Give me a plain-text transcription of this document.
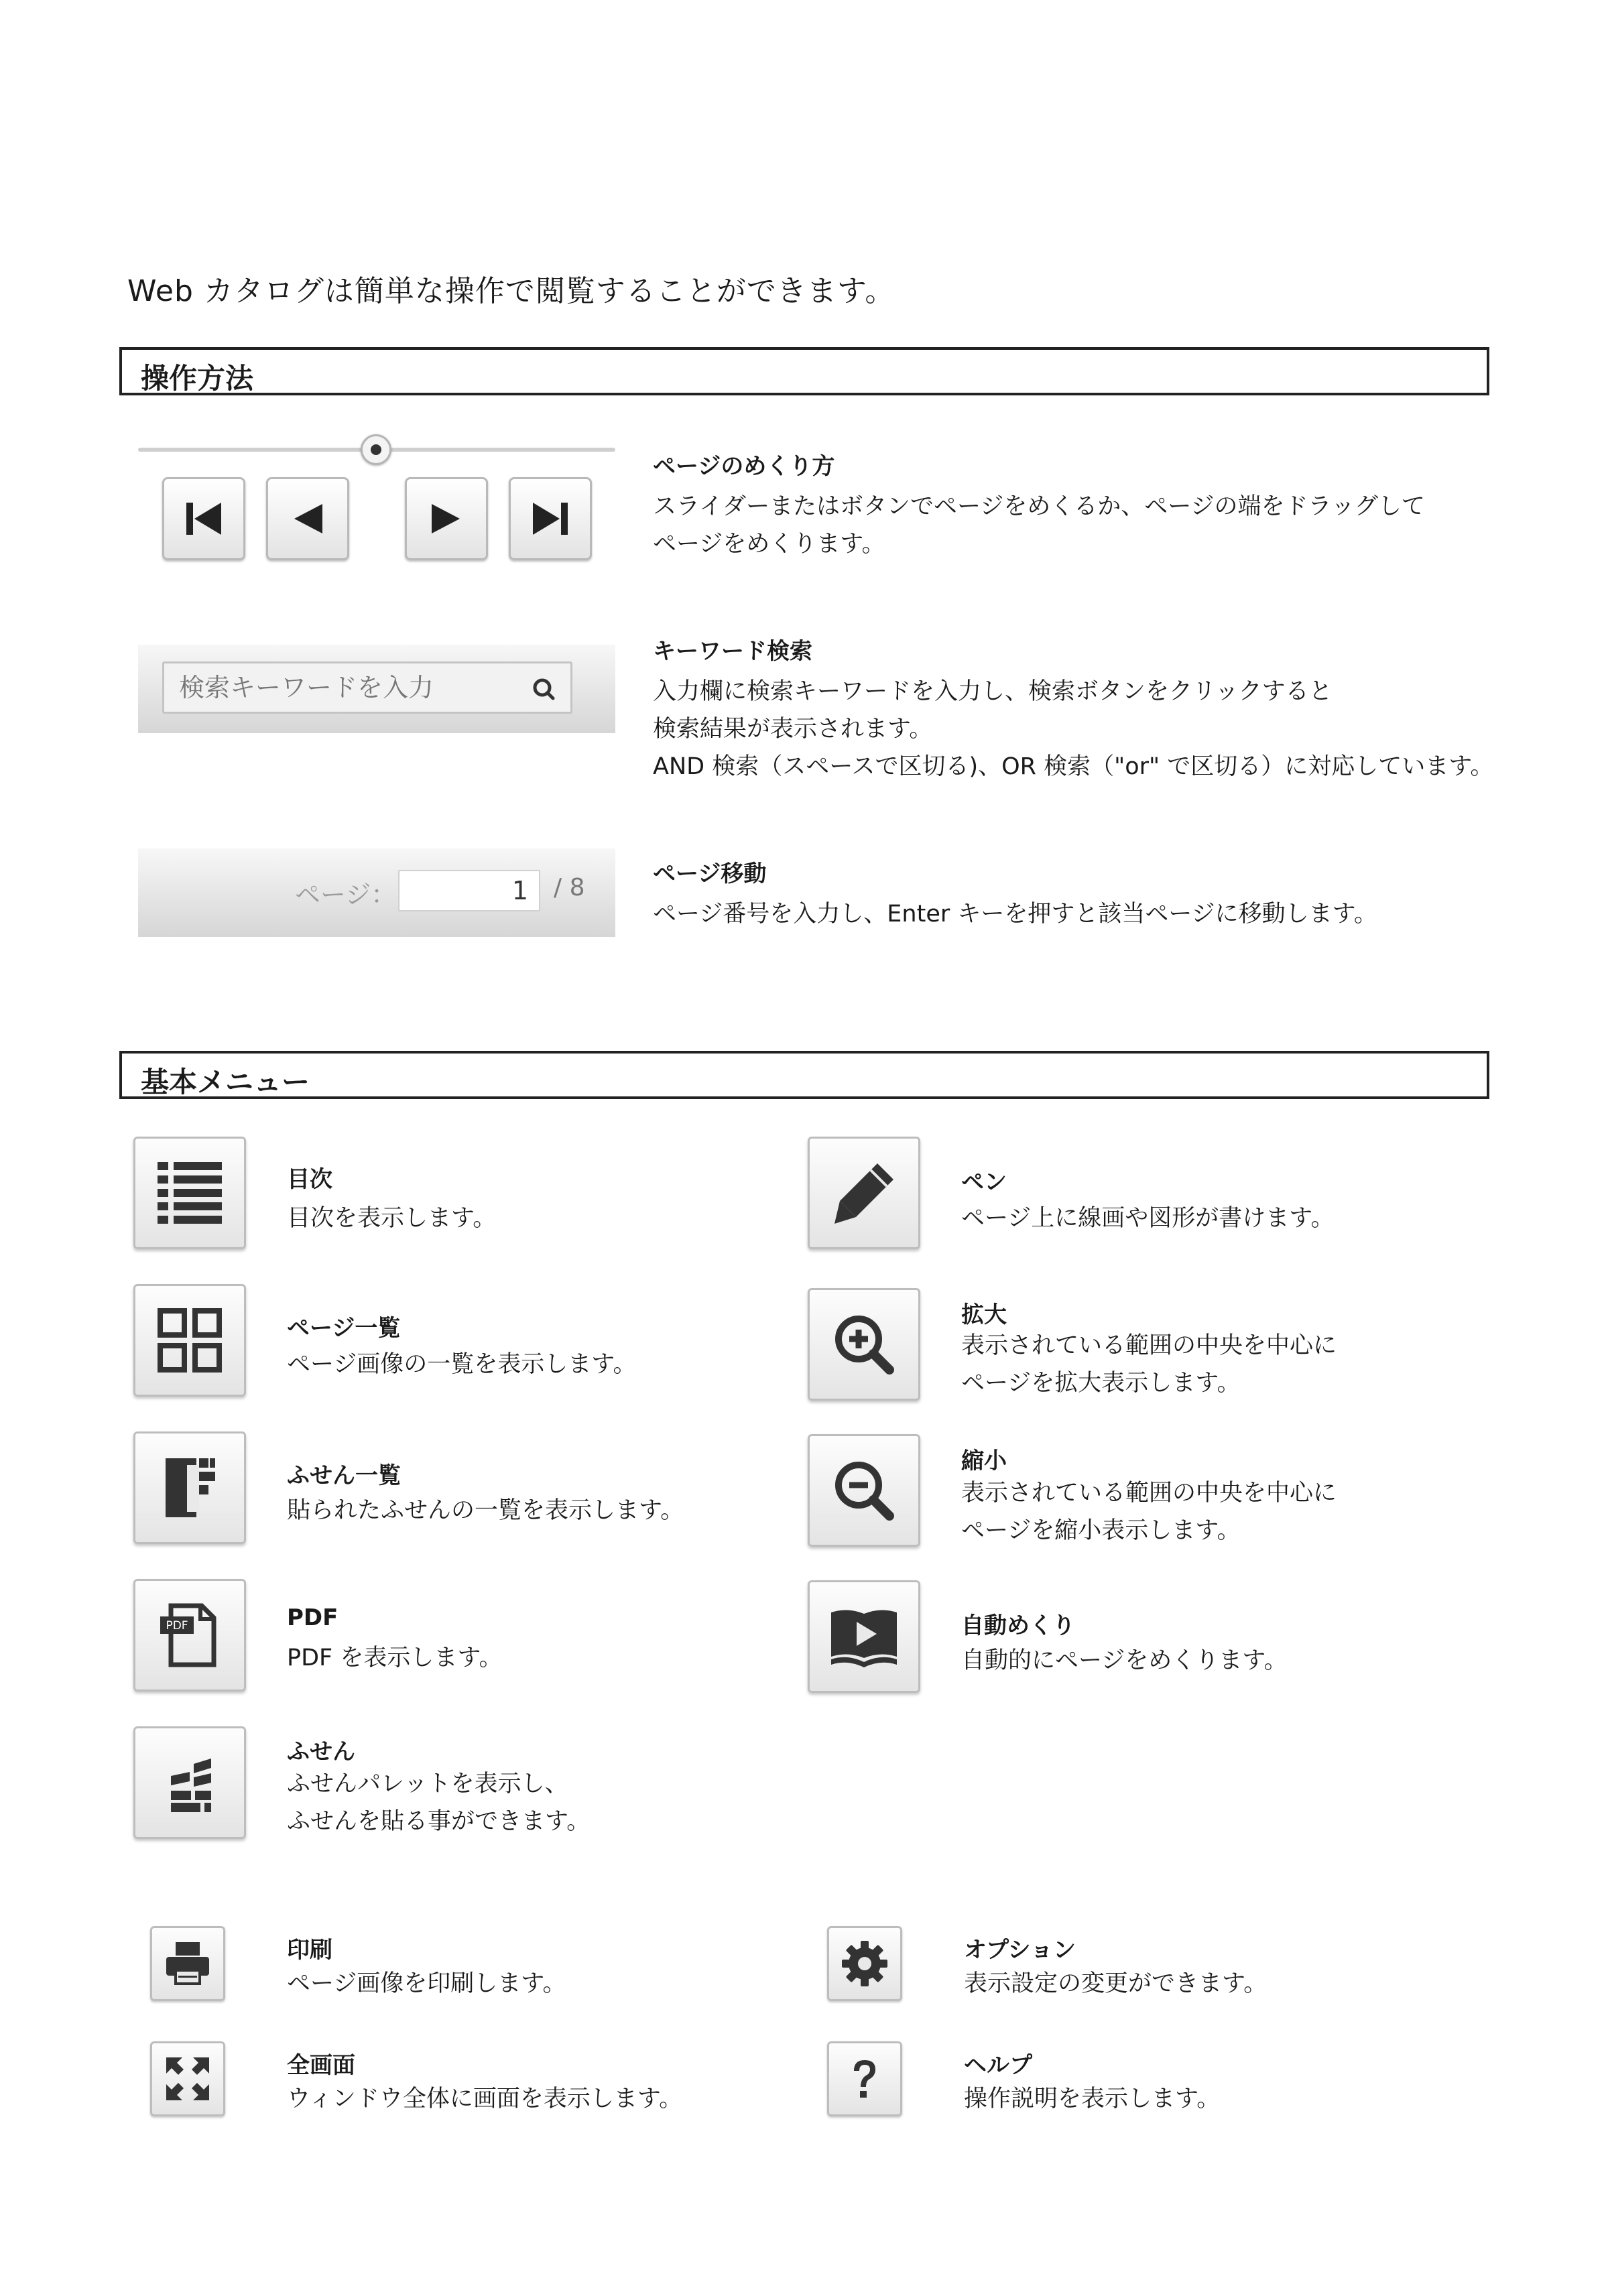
Web カタログは簡単な操作で閲覧することができます。
操作方法
ページのめくり方
スライダーまたはボタンでページをめくるか、ページの端をドラッグして
ページをめくります。
検索キーワードを入力
キーワード検索
入力欄に検索キーワードを入力し、検索ボタンをクリックすると
検索結果が表示されます。
AND 検索（スペースで区切る)、OR 検索（"or" で区切る）に対応しています。
ページ：
1	/ 8	ページ移動
ページ番号を入力し、Enter キーを押すと該当ページに移動します。
基本メニュー
目次
目次を表示します。
ペン
ページ上に線画や図形が書けます。
ページ一覧
ページ画像の一覧を表示します。
拡大
表示されている範囲の中央を中心に
ページを拡大表示します。
ふせん一覧
貼られたふせんの一覧を表示します。
縮小
表示されている範囲の中央を中心に
ページを縮小表示します。
PDF	PDF
PDF を表示します。
自動めくり
自動的にページをめくります。
ふせん
ふせんパレットを表示し、
ふせんを貼る事ができます。
印刷
ページ画像を印刷します。
オプション
表示設定の変更ができます。
全画面
ウィンドウ全体に画面を表示します。
ヘルプ
操作説明を表示します。
